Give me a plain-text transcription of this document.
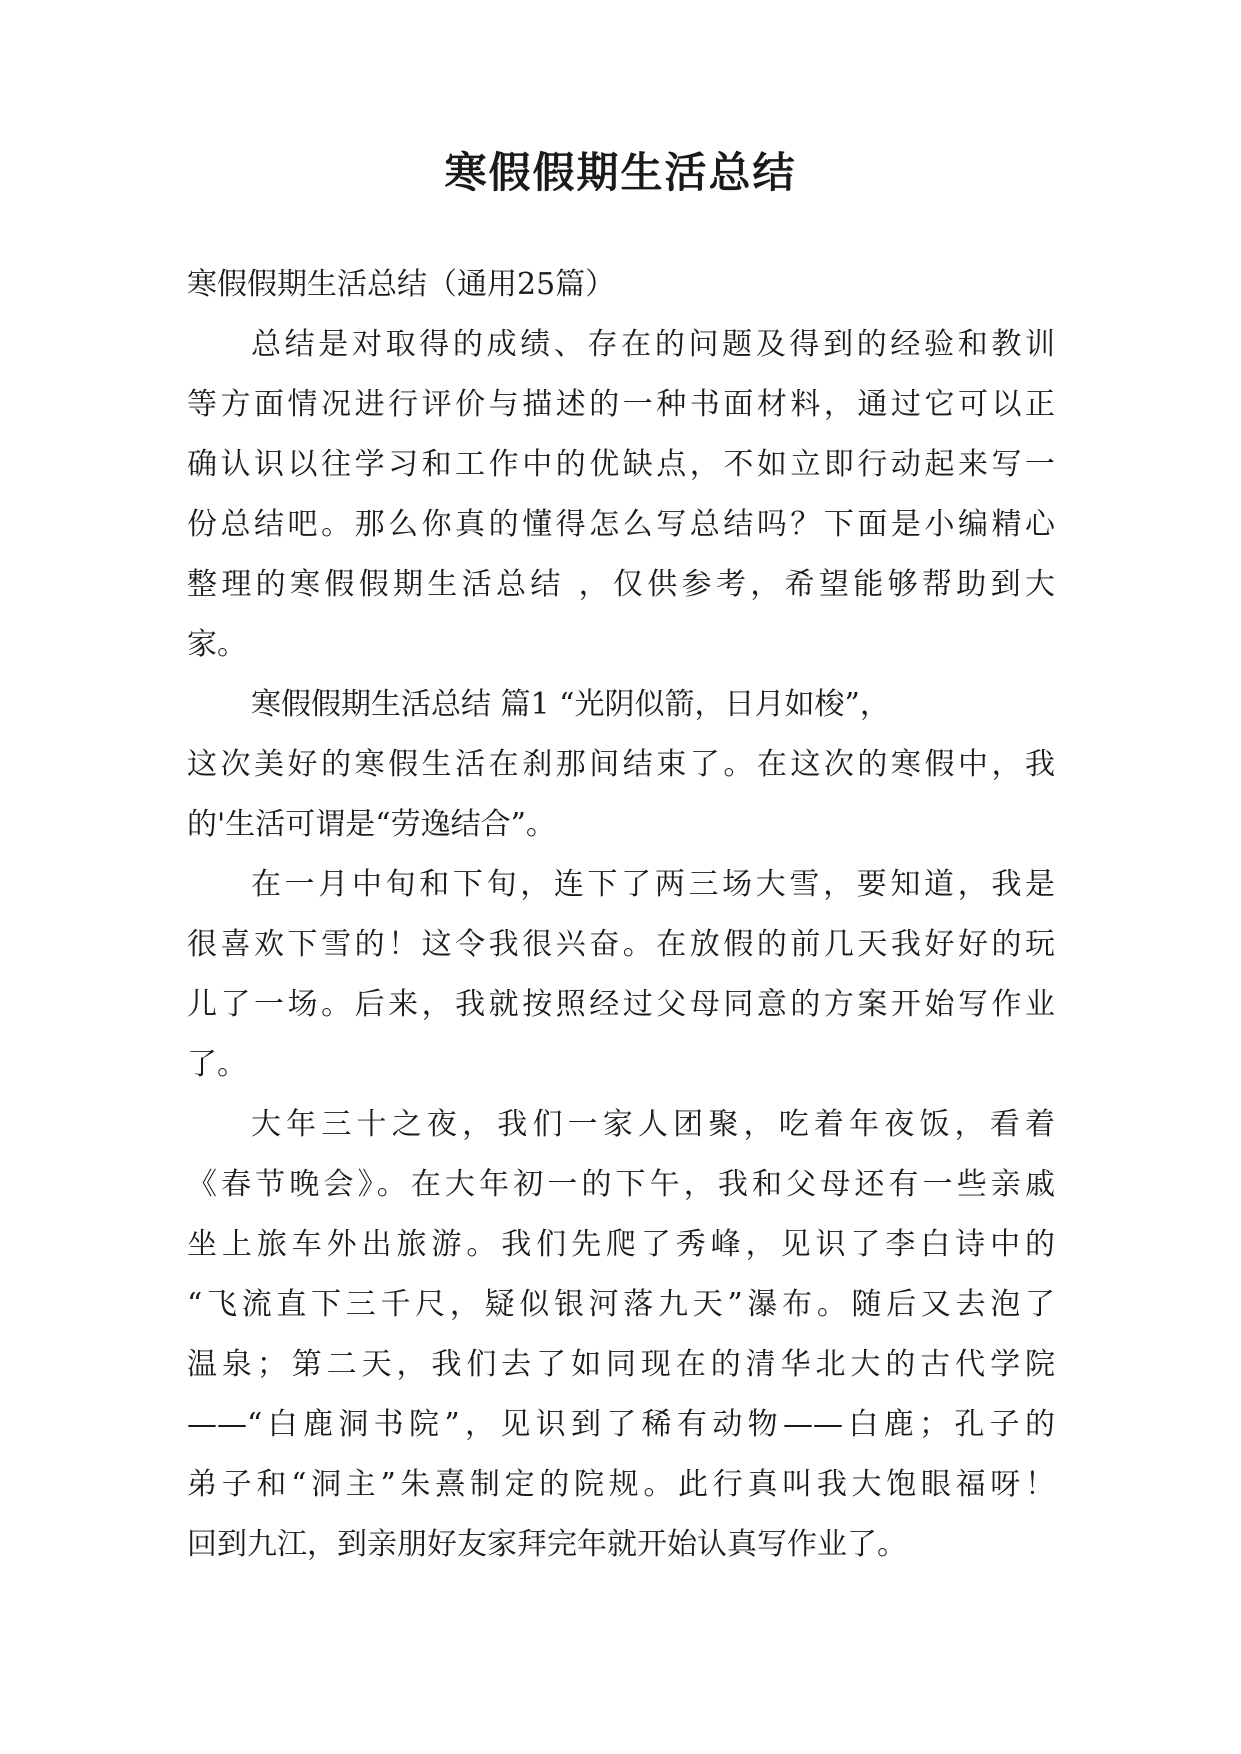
寒假假期生活总结
寒假假期生活总结（通用25篇）
总结是对取得的成绩、存在的问题及得到的经验和教训
等方面情况进行评价与描述的一种书面材料，通过它可以正
确认识以往学习和工作中的优缺点，不如立即行动起来写一
份总结吧。那么你真的懂得怎么写总结吗？下面是小编精心
整理的寒假假期生活总结 ，仅供参考，希望能够帮助到大
家。
寒假假期生活总结 篇1 “光阴似箭，日月如梭”，
这次美好的寒假生活在刹那间结束了。在这次的寒假中，我
的'生活可谓是“劳逸结合”。
在一月中旬和下旬，连下了两三场大雪，要知道，我是
很喜欢下雪的！这令我很兴奋。在放假的前几天我好好的玩
儿了一场。后来，我就按照经过父母同意的方案开始写作业
了。
大年三十之夜，我们一家人团聚，吃着年夜饭，看着
《春节晚会》。在大年初一的下午，我和父母还有一些亲戚
坐上旅车外出旅游。我们先爬了秀峰，见识了李白诗中的
“飞流直下三千尺，疑似银河落九天”瀑布。随后又去泡了
温泉；第二天，我们去了如同现在的清华北大的古代学院
——“白鹿洞书院”，见识到了稀有动物——白鹿；孔子的
弟子和“洞主”朱熹制定的院规。此行真叫我大饱眼福呀！
回到九江，到亲朋好友家拜完年就开始认真写作业了。
